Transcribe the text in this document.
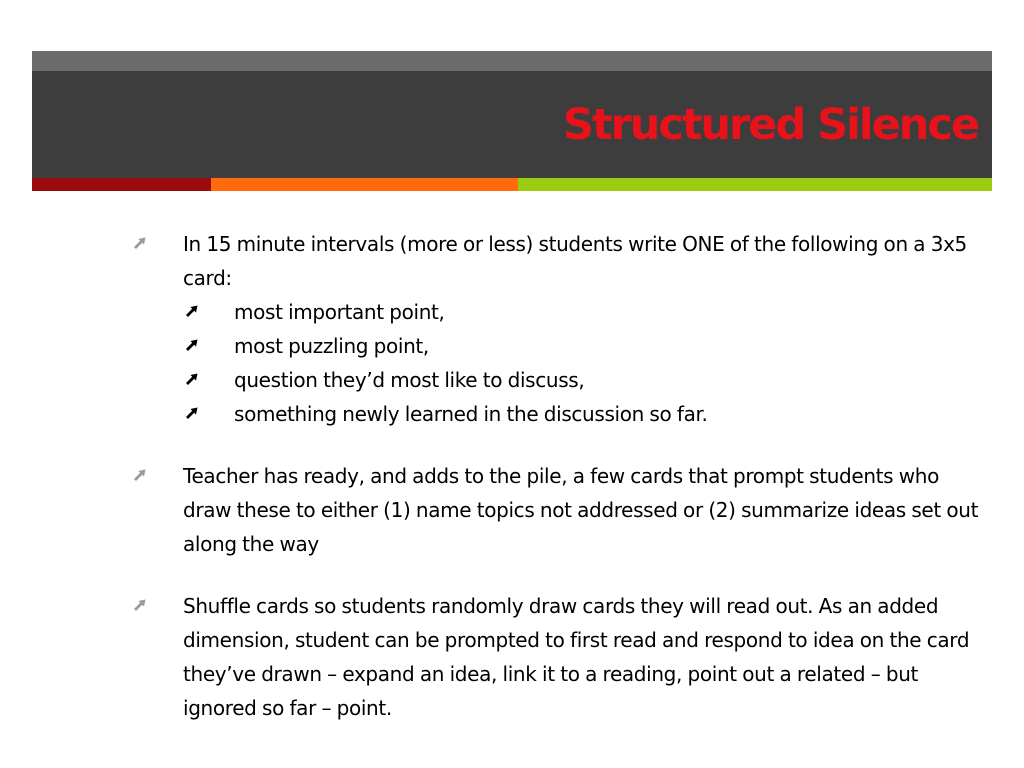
Structured Silence
In 15 minute intervals (more or less) students write ONE of the following on a 3x5 card:
most important point,
most puzzling point,
question they’d most like to discuss,
something newly learned in the discussion so far.
Teacher has ready, and adds to the pile, a few cards that prompt students who draw these to either (1) name topics not addressed or (2) summarize ideas set out along the way
Shuffle cards so students randomly draw cards they will read out. As an added dimension, student can be prompted to first read and respond to idea on the card they’ve drawn – expand an idea, link it to a reading, point out a related – but ignored so far – point.
